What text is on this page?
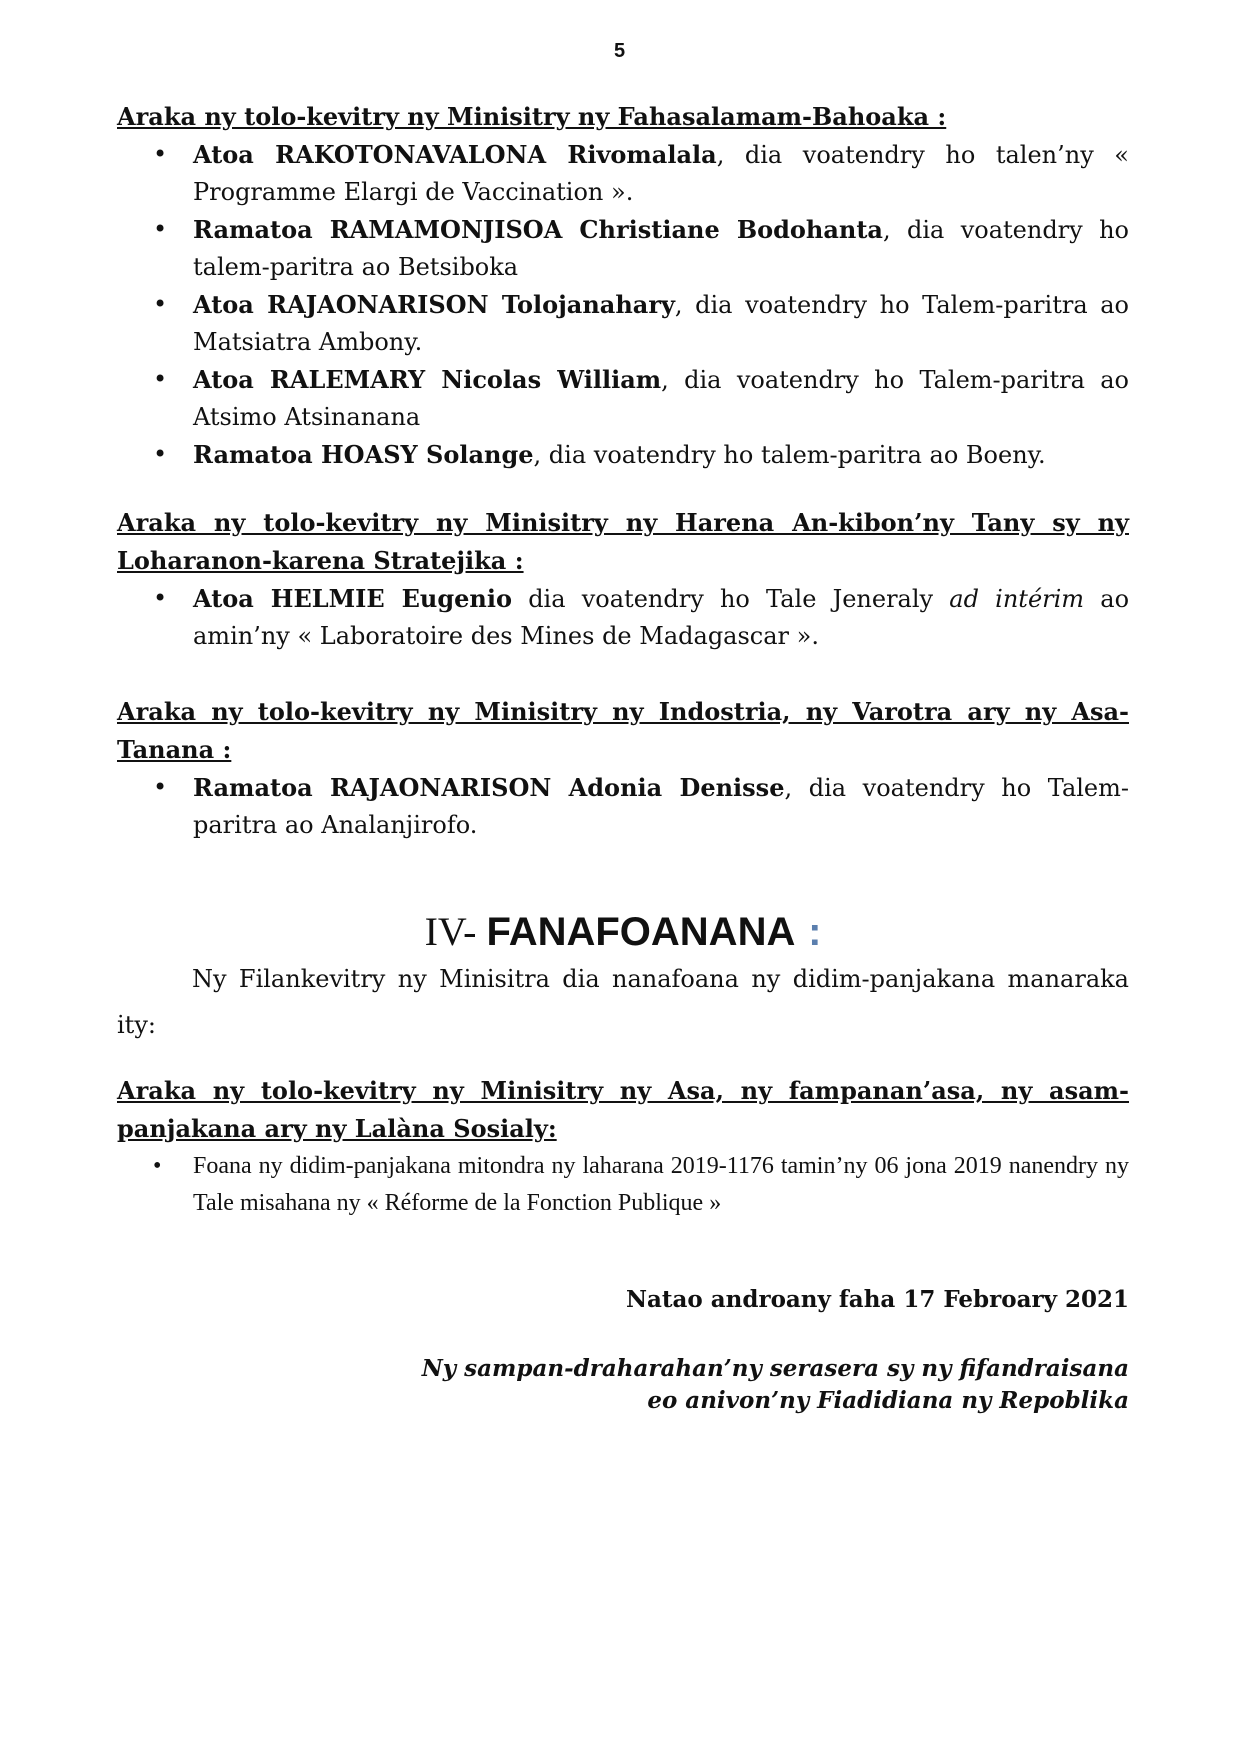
5

Araka ny tolo-kevitry ny Minisitry ny Fahasalamam-Bahoaka :

• Atoa RAKOTONAVALONA Rivomalala, dia voatendry ho talen’ny « Programme Elargi de Vaccination ».
• Ramatoa RAMAMONJISOA Christiane Bodohanta, dia voatendry ho talem-paritra ao Betsiboka
• Atoa RAJAONARISON Tolojanahary, dia voatendry ho Talem-paritra ao Matsiatra Ambony.
• Atoa RALEMARY Nicolas William, dia voatendry ho Talem-paritra ao Atsimo Atsinanana
• Ramatoa HOASY Solange, dia voatendry ho talem-paritra ao Boeny.

Araka ny tolo-kevitry ny Minisitry ny Harena An-kibon’ny Tany sy ny Loharanon-karena Stratejika :

• Atoa HELMIE Eugenio dia voatendry ho Tale Jeneraly ad intérim ao amin’ny « Laboratoire des Mines de Madagascar ».

Araka ny tolo-kevitry ny Minisitry ny Indostria, ny Varotra ary ny Asa-Tanana :

• Ramatoa RAJAONARISON Adonia Denisse, dia voatendry ho Talem-paritra ao Analanjirofo.
IV- FANAFOANANA :

Ny Filankevitry ny Minisitra dia nanafoana ny didim-panjakana manaraka ity:

Araka ny tolo-kevitry ny Minisitry ny Asa, ny fampanan’asa, ny asam-panjakana ary ny Lalàna Sosialy:

• Foana ny didim-panjakana mitondra ny laharana 2019-1176 tamin’ny 06 jona 2019 nanendry ny Tale misahana ny « Réforme de la Fonction Publique »

Natao androany faha 17 Febroary 2021

Ny sampan-draharahan’ny serasera sy ny fifandraisana
eo anivon’ny Fiadidiana ny Repoblika
